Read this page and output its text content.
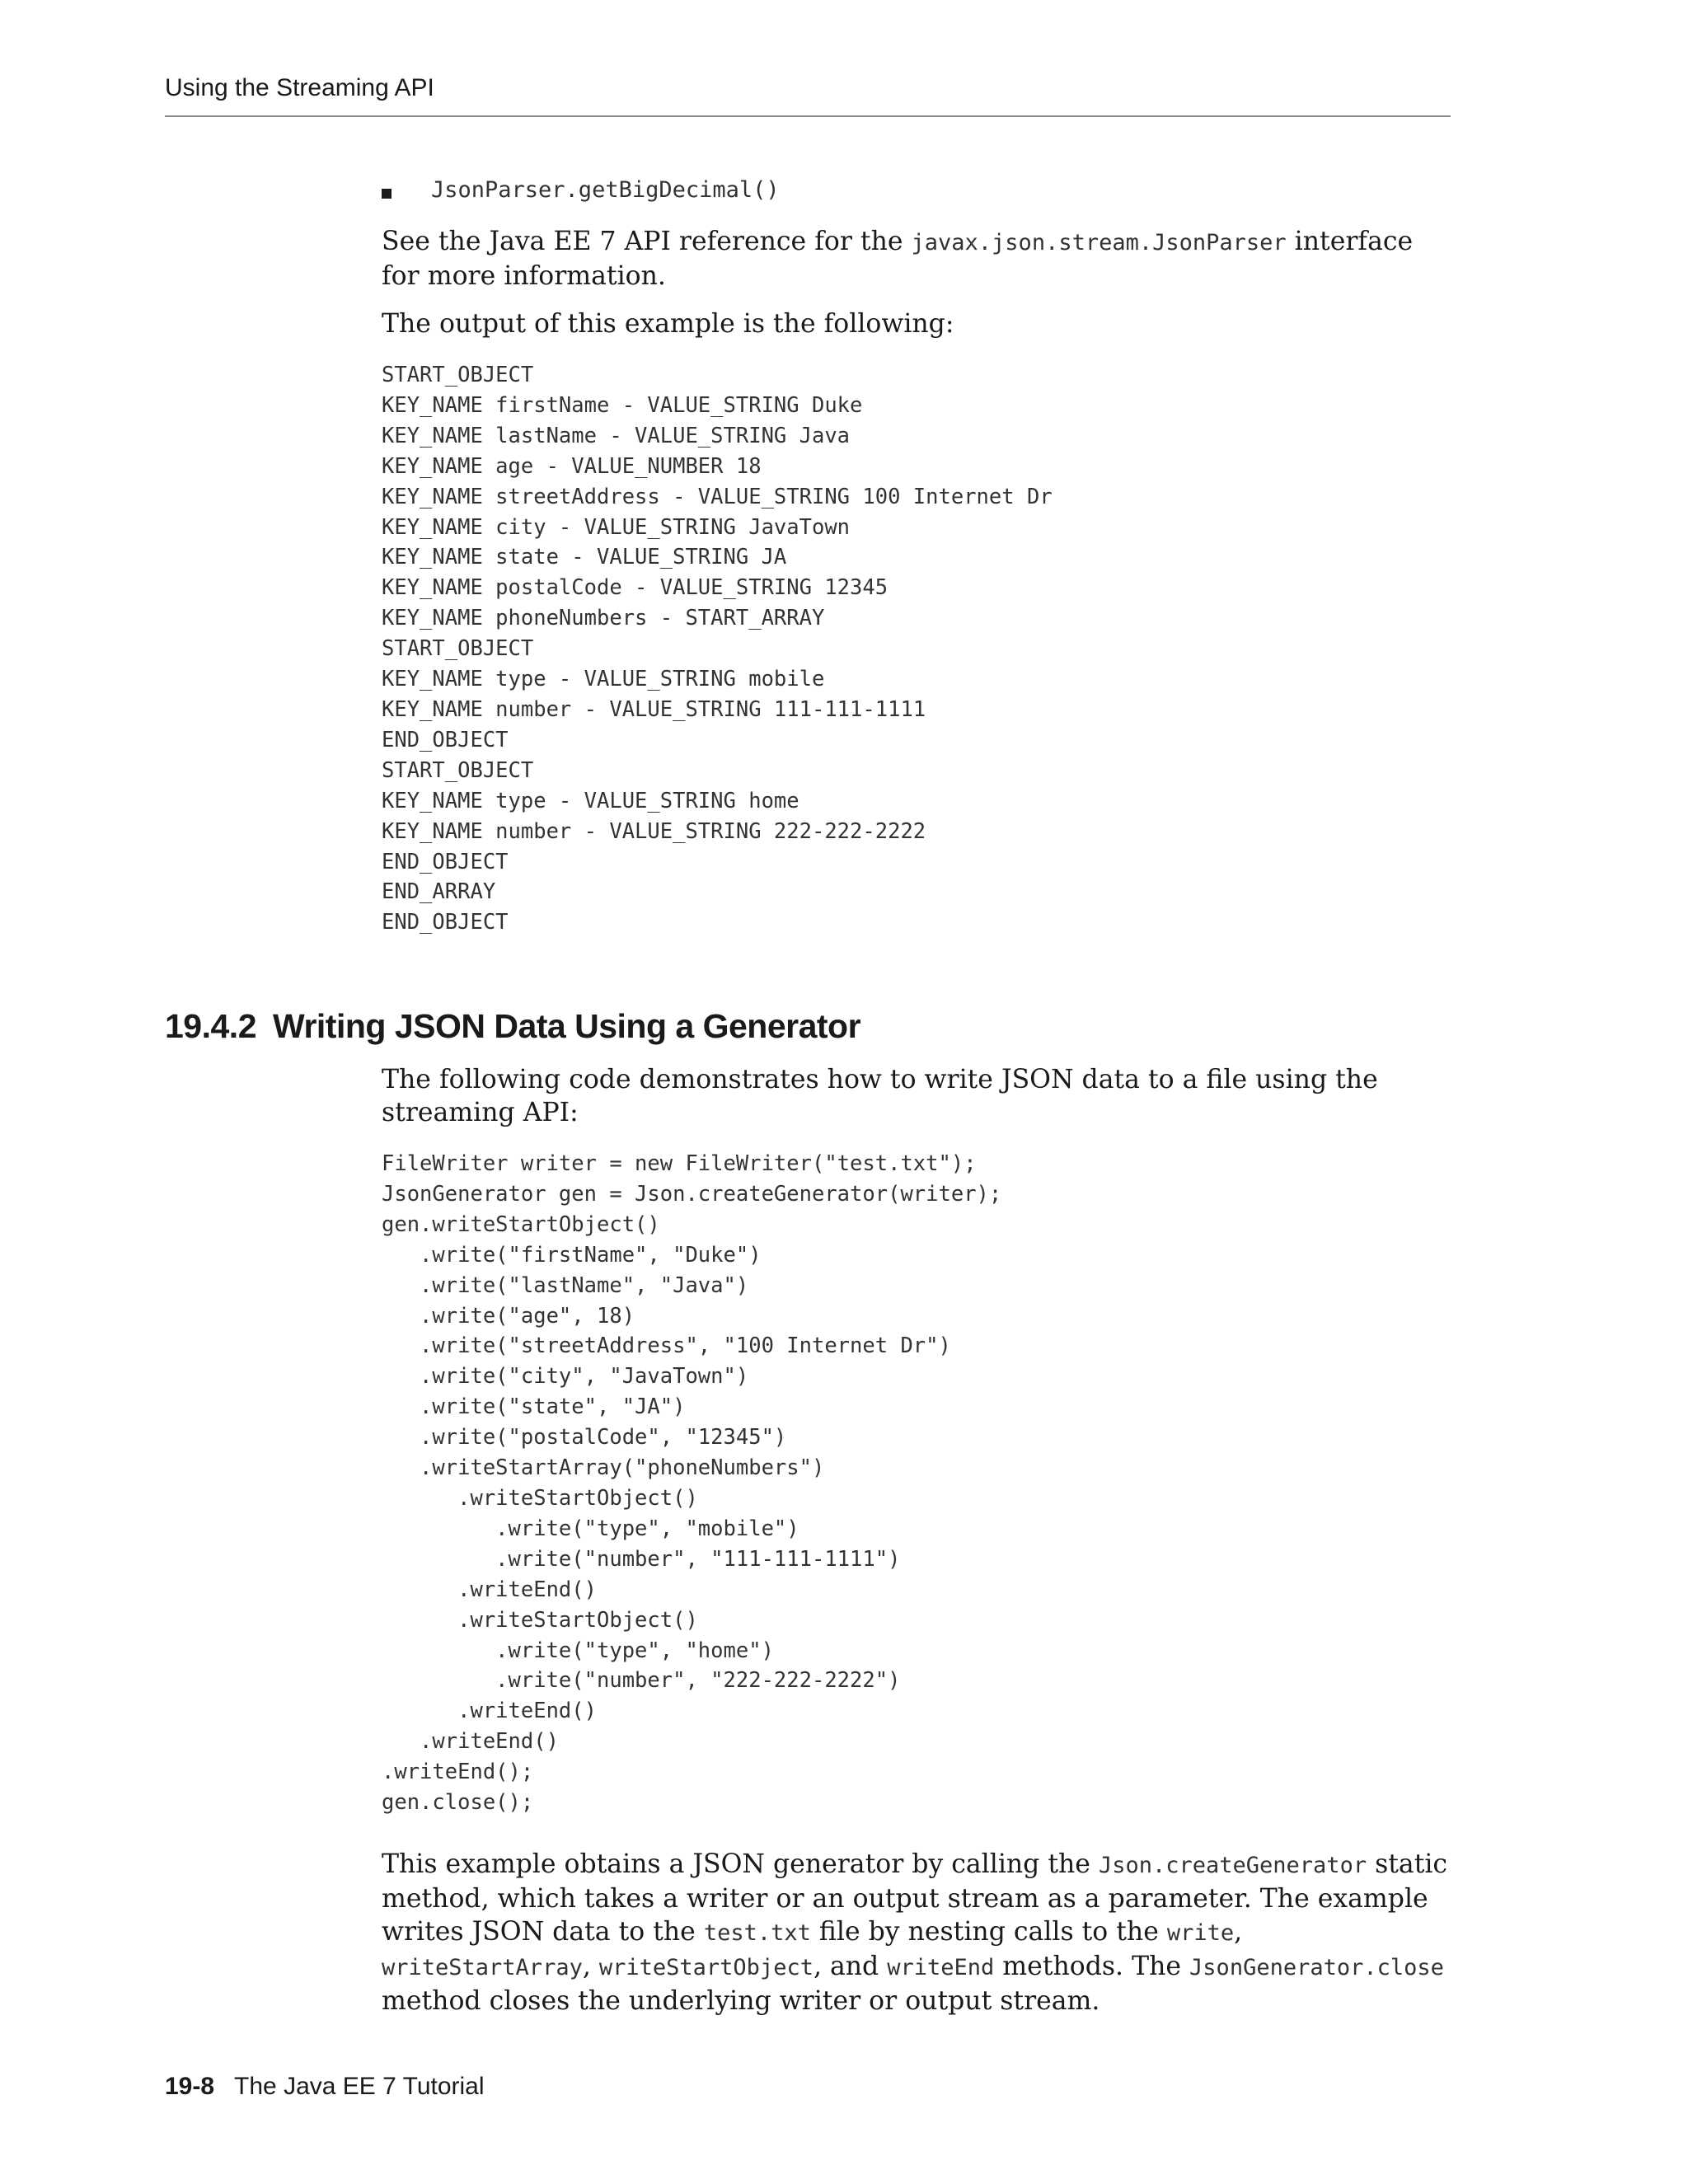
Using the Streaming API
JsonParser.getBigDecimal()

See the Java EE 7 API reference for the javax.json.stream.JsonParser interface for more information.

The output of this example is the following:

START_OBJECT
KEY_NAME firstName - VALUE_STRING Duke
KEY_NAME lastName - VALUE_STRING Java
KEY_NAME age - VALUE_NUMBER 18
KEY_NAME streetAddress - VALUE_STRING 100 Internet Dr
KEY_NAME city - VALUE_STRING JavaTown
KEY_NAME state - VALUE_STRING JA
KEY_NAME postalCode - VALUE_STRING 12345
KEY_NAME phoneNumbers - START_ARRAY
START_OBJECT
KEY_NAME type - VALUE_STRING mobile
KEY_NAME number - VALUE_STRING 111-111-1111
END_OBJECT
START_OBJECT
KEY_NAME type - VALUE_STRING home
KEY_NAME number - VALUE_STRING 222-222-2222
END_OBJECT
END_ARRAY
END_OBJECT
19.4.2 Writing JSON Data Using a Generator

The following code demonstrates how to write JSON data to a file using the streaming API:

FileWriter writer = new FileWriter("test.txt");
JsonGenerator gen = Json.createGenerator(writer);
gen.writeStartObject()
.write("firstName", "Duke")
.write("lastName", "Java")
.write("age", 18)
.write("streetAddress", "100 Internet Dr")
.write("city", "JavaTown")
.write("state", "JA")
.write("postalCode", "12345")
.writeStartArray("phoneNumbers")
.writeStartObject()
.write("type", "mobile")
.write("number", "111-111-1111")
.writeEnd()
.writeStartObject()
.write("type", "home")
.write("number", "222-222-2222")
.writeEnd()
.writeEnd()
.writeEnd();
gen.close();

This example obtains a JSON generator by calling the Json.createGenerator static method, which takes a writer or an output stream as a parameter. The example writes JSON data to the test.txt file by nesting calls to the write, writeStartArray, writeStartObject, and writeEnd methods. The JsonGenerator.close method closes the underlying writer or output stream.

19-8 The Java EE 7 Tutorial
